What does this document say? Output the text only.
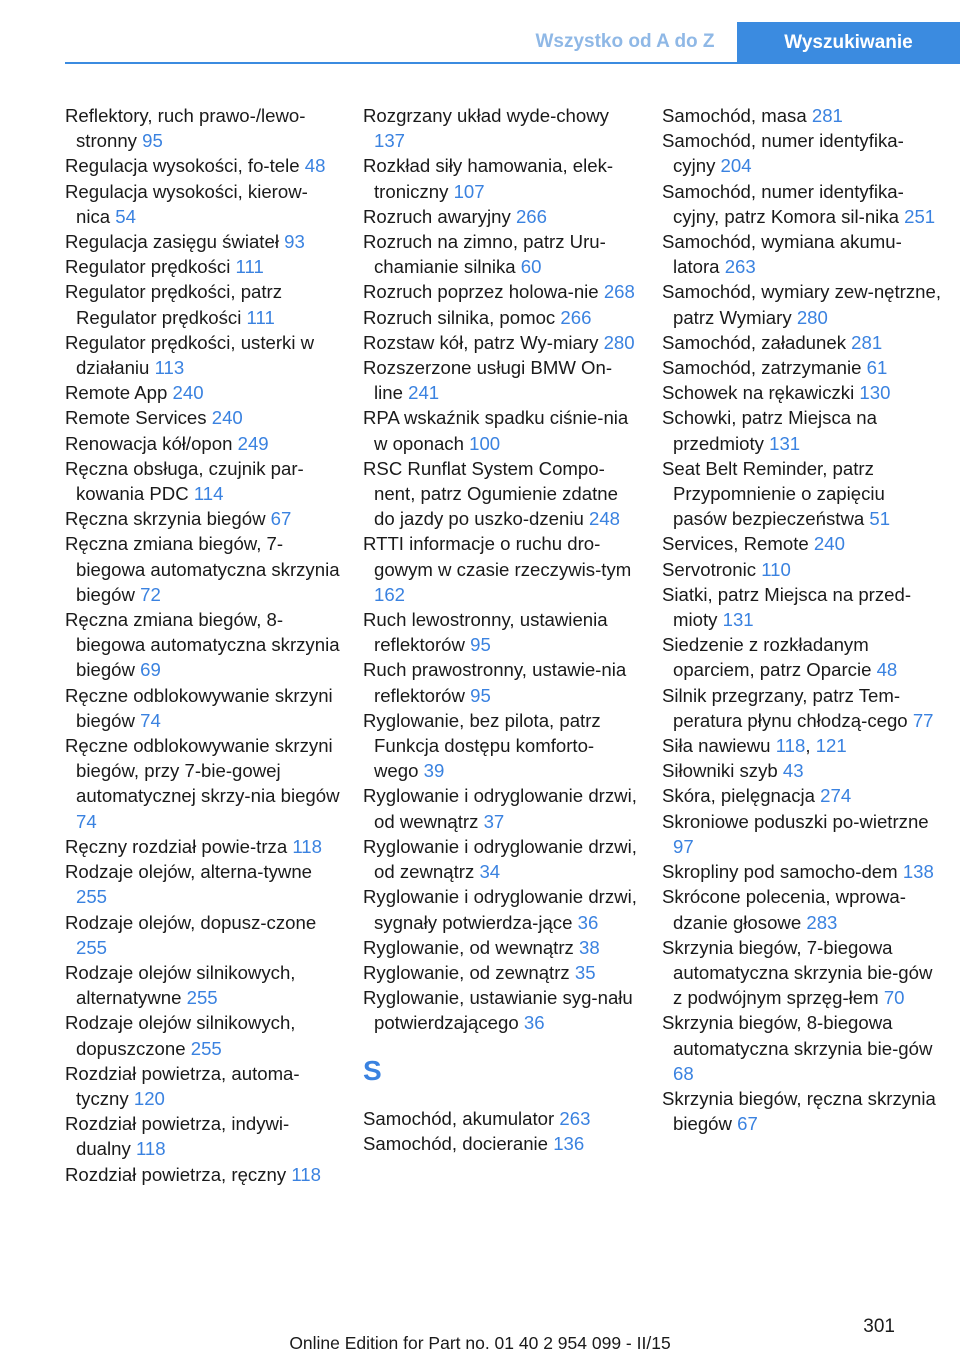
Wszystko od A do Z	Wyszukiwanie
Reflektory, ruch prawo-/lewo-stronny 95
Regulacja wysokości, fo-tele 48
Regulacja wysokości, kierow-nica 54
Regulacja zasięgu świateł 93
Regulator prędkości 111
Regulator prędkości, patrz Regulator prędkości 111
Regulator prędkości, usterki w działaniu 113
Remote App 240
Remote Services 240
Renowacja kół/opon 249
Ręczna obsługa, czujnik par-kowania PDC 114
Ręczna skrzynia biegów 67
Ręczna zmiana biegów, 7-biegowa automatyczna skrzynia biegów 72
Ręczna zmiana biegów, 8-biegowa automatyczna skrzynia biegów 69
Ręczne odblokowywanie skrzyni biegów 74
Ręczne odblokowywanie skrzyni biegów, przy 7-bie-gowej automatycznej skrzy-nia biegów 74
Ręczny rozdział powie-trza 118
Rodzaje olejów, alterna-tywne 255
Rodzaje olejów, dopusz-czone 255
Rodzaje olejów silnikowych, alternatywne 255
Rodzaje olejów silnikowych, dopuszczone 255
Rozdział powietrza, automa-tyczny 120
Rozdział powietrza, indywi-dualny 118
Rozdział powietrza, ręczny 118
Rozgrzany układ wyde-chowy 137
Rozkład siły hamowania, elek-troniczny 107
Rozruch awaryjny 266
Rozruch na zimno, patrz Uru-chamianie silnika 60
Rozruch poprzez holowa-nie 268
Rozruch silnika, pomoc 266
Rozstaw kół, patrz Wy-miary 280
Rozszerzone usługi BMW On-line 241
RPA wskaźnik spadku ciśnie-nia w oponach 100
RSC Runflat System Compo-nent, patrz Ogumienie zdatne do jazdy po uszko-dzeniu 248
RTTI informacje o ruchu dro-gowym w czasie rzeczywis-tym 162
Ruch lewostronny, ustawienia reflektorów 95
Ruch prawostronny, ustawie-nia reflektorów 95
Ryglowanie, bez pilota, patrz Funkcja dostępu komforto-wego 39
Ryglowanie i odryglowanie drzwi, od wewnątrz 37
Ryglowanie i odryglowanie drzwi, od zewnątrz 34
Ryglowanie i odryglowanie drzwi, sygnały potwierdza-jące 36
Ryglowanie, od wewnątrz 38
Ryglowanie, od zewnątrz 35
Ryglowanie, ustawianie syg-nału potwierdzającego 36
S
Samochód, akumulator 263
Samochód, docieranie 136
Samochód, masa 281
Samochód, numer identyfika-cyjny 204
Samochód, numer identyfika-cyjny, patrz Komora sil-nika 251
Samochód, wymiana akumu-latora 263
Samochód, wymiary zew-nętrzne, patrz Wymiary 280
Samochód, załadunek 281
Samochód, zatrzymanie 61
Schowek na rękawiczki 130
Schowki, patrz Miejsca na przedmioty 131
Seat Belt Reminder, patrz Przypomnienie o zapięciu pasów bezpieczeństwa 51
Services, Remote 240
Servotronic 110
Siatki, patrz Miejsca na przed-mioty 131
Siedzenie z rozkładanym oparciem, patrz Oparcie 48
Silnik przegrzany, patrz Tem-peratura płynu chłodzą-cego 77
Siła nawiewu 118, 121
Siłowniki szyb 43
Skóra, pielęgnacja 274
Skroniowe poduszki po-wietrzne 97
Skropliny pod samocho-dem 138
Skrócone polecenia, wprowa-dzanie głosowe 283
Skrzynia biegów, 7-biegowa automatyczna skrzynia bie-gów z podwójnym sprzęg-łem 70
Skrzynia biegów, 8-biegowa automatyczna skrzynia bie-gów 68
Skrzynia biegów, ręczna skrzynia biegów 67
301
Online Edition for Part no. 01 40 2 954 099 - II/15
